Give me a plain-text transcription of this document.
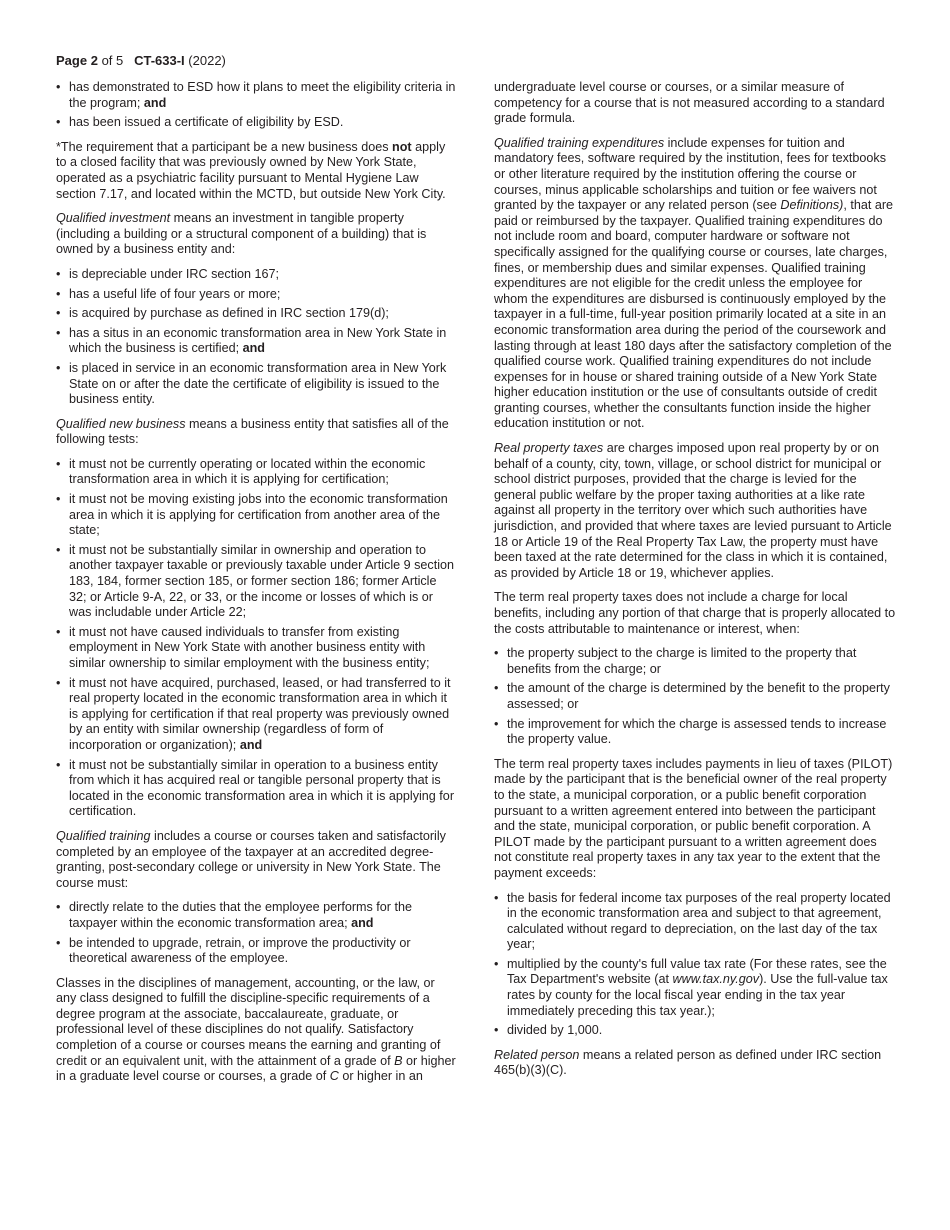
Page 2 of 5 CT-633-I (2022)
• has demonstrated to ESD how it plans to meet the eligibility criteria in the program; and
• has been issued a certificate of eligibility by ESD.

*The requirement that a participant be a new business does not apply to a closed facility that was previously owned by New York State, operated as a psychiatric facility pursuant to Mental Hygiene Law section 7.17, and located within the MCTD, but outside New York City.

Qualified investment means an investment in tangible property (including a building or a structural component of a building) that is owned by a business entity and:

• is depreciable under IRC section 167;
• has a useful life of four years or more;
• is acquired by purchase as defined in IRC section 179(d);
• has a situs in an economic transformation area in New York State in which the business is certified; and
• is placed in service in an economic transformation area in New York State on or after the date the certificate of eligibility is issued to the business entity.

Qualified new business means a business entity that satisfies all of the following tests:

• it must not be currently operating or located within the economic transformation area in which it is applying for certification;
• it must not be moving existing jobs into the economic transformation area in which it is applying for certification from another area of the state;
• it must not be substantially similar in ownership and operation to another taxpayer taxable or previously taxable under Article 9 section 183, 184, former section 185, or former section 186; former Article 32; or Article 9-A, 22, or 33, or the income or losses of which is or was includable under Article 22;
• it must not have caused individuals to transfer from existing employment in New York State with another business entity with similar ownership to similar employment with the business entity;
• it must not have acquired, purchased, leased, or had transferred to it real property located in the economic transformation area in which it is applying for certification if that real property was previously owned by an entity with similar ownership (regardless of form of incorporation or organization); and
• it must not be substantially similar in operation to a business entity from which it has acquired real or tangible personal property that is located in the economic transformation area in which it is applying for certification.

Qualified training includes a course or courses taken and satisfactorily completed by an employee of the taxpayer at an accredited degree-granting, post-secondary college or university in New York State. The course must:

• directly relate to the duties that the employee performs for the taxpayer within the economic transformation area; and
• be intended to upgrade, retrain, or improve the productivity or theoretical awareness of the employee.

Classes in the disciplines of management, accounting, or the law, or any class designed to fulfill the discipline-specific requirements of a degree program at the associate, baccalaureate, graduate, or professional level of these disciplines do not qualify. Satisfactory completion of a course or courses means the earning and granting of credit or an equivalent unit, with the attainment of a grade of B or higher in a graduate level course or courses, a grade of C or higher in an

undergraduate level course or courses, or a similar measure of competency for a course that is not measured according to a standard grade formula.

Qualified training expenditures include expenses for tuition and mandatory fees, software required by the institution, fees for textbooks or other literature required by the institution offering the course or courses, minus applicable scholarships and tuition or fee waivers not granted by the taxpayer or any related person (see Definitions), that are paid or reimbursed by the taxpayer. Qualified training expenditures do not include room and board, computer hardware or software not specifically assigned for the qualifying course or courses, late charges, fines, or membership dues and similar expenses. Qualified training expenditures are not eligible for the credit unless the employee for whom the expenditures are disbursed is continuously employed by the taxpayer in a full-time, full-year position primarily located at a site in an economic transformation area during the period of the coursework and lasting through at least 180 days after the satisfactory completion of the qualified course work. Qualified training expenditures do not include expenses for in house or shared training outside of a New York State higher education institution or the use of consultants outside of credit granting courses, whether the consultants function inside the higher education institution or not.

Real property taxes are charges imposed upon real property by or on behalf of a county, city, town, village, or school district for municipal or school district purposes, provided that the charge is levied for the general public welfare by the proper taxing authorities at a like rate against all property in the territory over which such authorities have jurisdiction, and provided that where taxes are levied pursuant to Article 18 or Article 19 of the Real Property Tax Law, the property must have been taxed at the rate determined for the class in which it is contained, as provided by Article 18 or 19, whichever applies.

The term real property taxes does not include a charge for local benefits, including any portion of that charge that is properly allocated to the costs attributable to maintenance or interest, when:

• the property subject to the charge is limited to the property that benefits from the charge; or
• the amount of the charge is determined by the benefit to the property assessed; or
• the improvement for which the charge is assessed tends to increase the property value.

The term real property taxes includes payments in lieu of taxes (PILOT) made by the participant that is the beneficial owner of the real property to the state, a municipal corporation, or a public benefit corporation pursuant to a written agreement entered into between the participant and the state, municipal corporation, or public benefit corporation. A PILOT made by the participant pursuant to a written agreement does not constitute real property taxes in any tax year to the extent that the payment exceeds:

• the basis for federal income tax purposes of the real property located in the economic transformation area and subject to that agreement, calculated without regard to depreciation, on the last day of the tax year;
• multiplied by the county's full value tax rate (For these rates, see the Tax Department's website (at www.tax.ny.gov). Use the full-value tax rates by county for the local fiscal year ending in the tax year immediately preceding this tax year.);
• divided by 1,000.

Related person means a related person as defined under IRC section 465(b)(3)(C).
